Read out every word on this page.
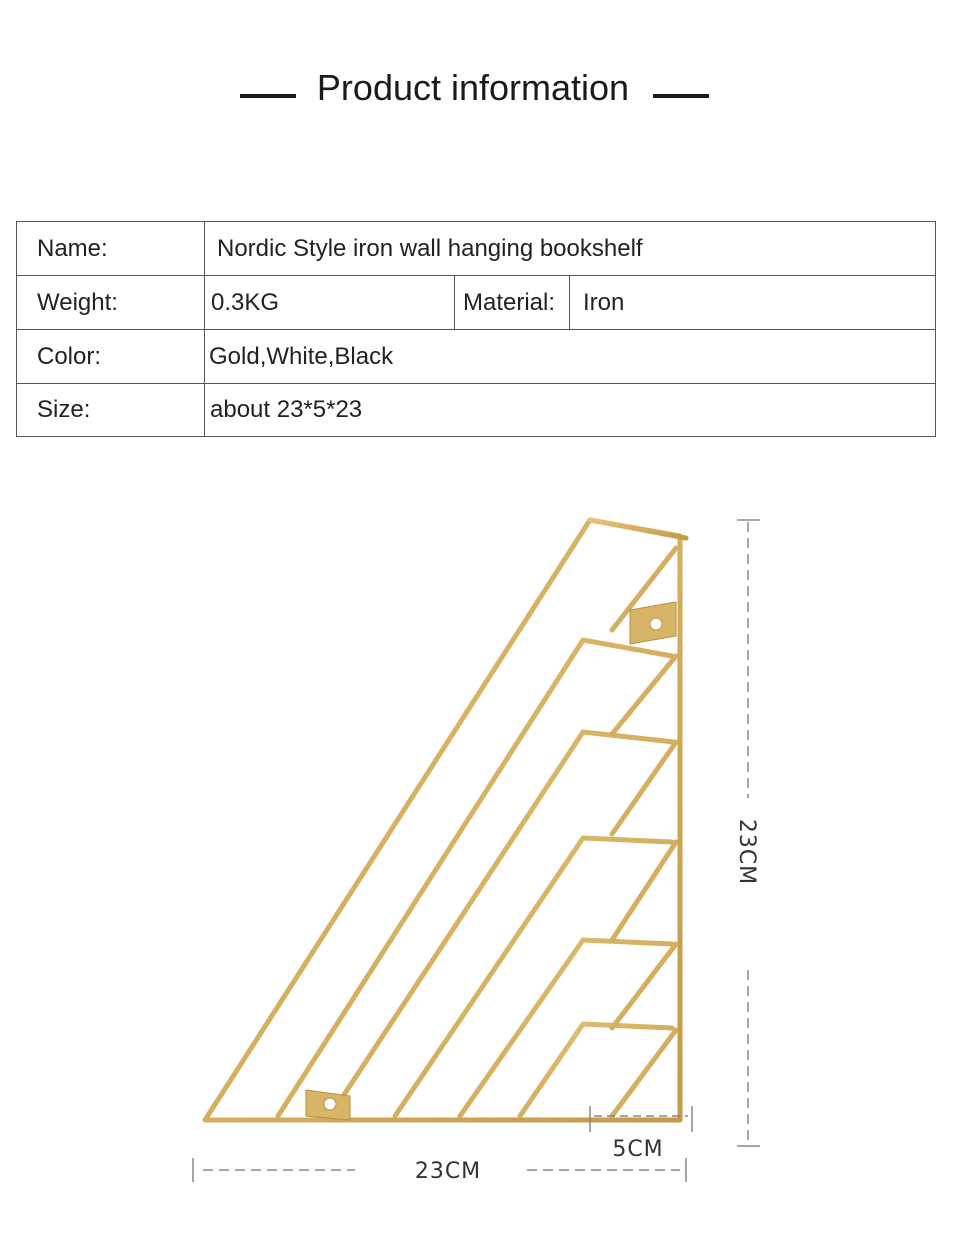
Product information
Name:	Nordic Style iron wall hanging bookshelf
Weight:	0.3KG	Material: Iron
Color:	Gold,White,Black
Size:	about 23*5*23
23CM
5CM
23CM
